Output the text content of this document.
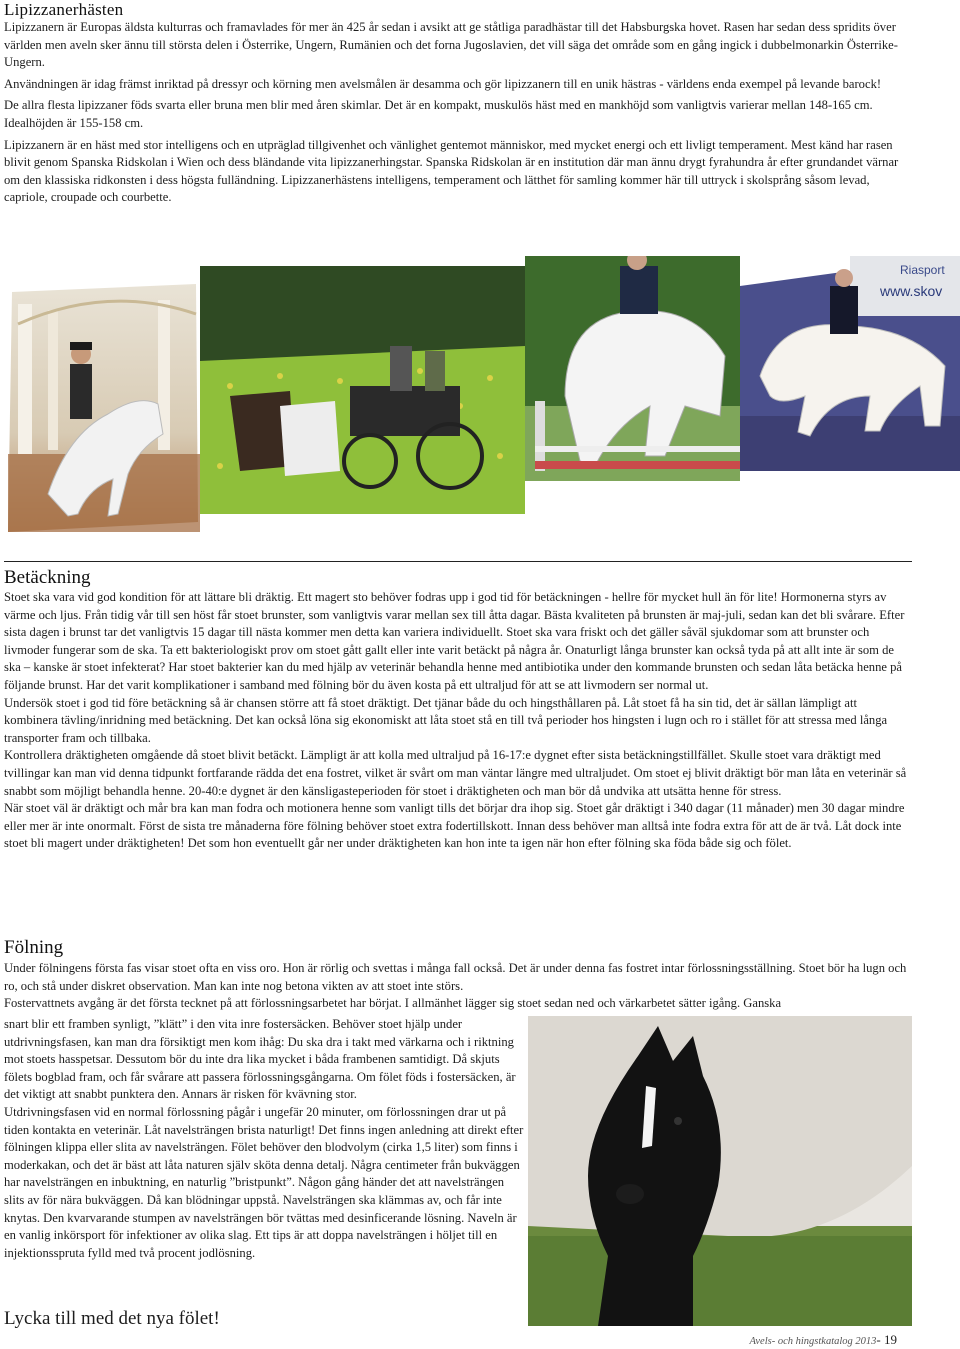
Lipizzanerhästen

Lipizzanern är Europas äldsta kulturras och framavlades för mer än 425 år sedan i avsikt att ge ståtliga paradhästar till det Habsburgska hovet. Rasen har sedan dess spridits över världen men aveln sker ännu till största delen i Österrike, Ungern, Rumänien och det forna Jugoslavien, det vill säga det område som en gång ingick i dubbelmonarkin Österrike-Ungern.

Användningen är idag främst inriktad på dressyr och körning men avelsmålen är desamma och gör lipizzanern till en unik hästras - världens enda exempel på levande barock!

De allra flesta lipizzaner föds svarta eller bruna men blir med åren skimlar. Det är en kompakt, muskulös häst med en mankhöjd som vanligtvis varierar mellan 148-165 cm. Idealhöjden är 155-158 cm.

Lipizzanern är en häst med stor intelligens och en utpräglad tillgivenhet och vänlighet gentemot människor, med mycket energi och ett livligt temperament. Mest känd har rasen blivit genom Spanska Ridskolan i Wien och dess bländande vita lipizzanerhingstar. Spanska Ridskolan är en institution där man ännu drygt fyrahundra år efter grundandet värnar om den klassiska ridkonsten i dess högsta fulländning. Lipizzanerhästens intelligens, temperament och lätthet för samling kommer här till uttryck i skolsprång såsom levad, capriole, croupade och courbette.

Riasport
www.skov
Betäckning

Stoet ska vara vid god kondition för att lättare bli dräktig. Ett magert sto behöver fodras upp i god tid för betäckningen - hellre för mycket hull än för lite! Hormonerna styrs av värme och ljus. Från tidig vår till sen höst får stoet brunster, som vanligtvis varar mellan sex till åtta dagar. Bästa kvaliteten på brunsten är maj-juli, sedan kan det bli svårare. Efter sista dagen i brunst tar det vanligtvis 15 dagar till nästa kommer men detta kan variera individuellt. Stoet ska vara friskt och det gäller såväl sjukdomar som att brunster och livmoder fungerar som de ska. Ta ett bakteriologiskt prov om stoet gått gallt eller inte varit betäckt på några år. Onaturligt långa brunster kan också tyda på att allt inte är som de ska – kanske är stoet infekterat? Har stoet bakterier kan du med hjälp av veterinär behandla henne med antibiotika under den kommande brunsten och sedan låta betäcka henne på följande brunst. Har det varit komplikationer i samband med fölning bör du även kosta på ett ultraljud för att se att livmodern ser normal ut.

Undersök stoet i god tid före betäckning så är chansen större att få stoet dräktigt. Det tjänar både du och hingsthållaren på. Låt stoet få ha sin tid, det är sällan lämpligt att kombinera tävling/inridning med betäckning. Det kan också löna sig ekonomiskt att låta stoet stå en till två perioder hos hingsten i lugn och ro i stället för att stressa med långa transporter fram och tillbaka.

Kontrollera dräktigheten omgående då stoet blivit betäckt. Lämpligt är att kolla med ultraljud på 16-17:e dygnet efter sista betäckningstillfället. Skulle stoet vara dräktigt med tvillingar kan man vid denna tidpunkt fortfarande rädda det ena fostret, vilket är svårt om man väntar längre med ultraljudet. Om stoet ej blivit dräktigt bör man låta en veterinär så snabbt som möjligt behandla henne. 20-40:e dygnet är den känsligasteperioden för stoet i dräktigheten och man bör då undvika att utsätta henne för stress.

När stoet väl är dräktigt och mår bra kan man fodra och motionera henne som vanligt tills det börjar dra ihop sig. Stoet går dräktigt i 340 dagar (11 månader) men 30 dagar mindre eller mer är inte onormalt. Först de sista tre månaderna före fölning behöver stoet extra fodertillskott. Innan dess behöver man alltså inte fodra extra för att de är två. Låt dock inte stoet bli magert under dräktigheten! Det som hon eventuellt går ner under dräktigheten kan hon inte ta igen när hon efter fölning ska föda både sig och fölet.

Fölning

Under fölningens första fas visar stoet ofta en viss oro. Hon är rörlig och svettas i många fall också. Det är under denna fas fostret intar förlossningsställning. Stoet bör ha lugn och ro, och stå under diskret observation. Man kan inte nog betona vikten av att stoet inte störs.

Fostervattnets avgång är det första tecknet på att förlossningsarbetet har börjat. I allmänhet lägger sig stoet sedan ned och värkarbetet sätter igång. Ganska

snart blir ett framben synligt, ”klätt” i den vita inre fostersäcken. Behöver stoet hjälp under utdrivningsfasen, kan man dra försiktigt men kom ihåg: Du ska dra i takt med värkarna och i riktning mot stoets hasspetsar. Dessutom bör du inte dra lika mycket i båda frambenen samtidigt. Då skjuts fölets bogblad fram, och får svårare att passera förlossningsgångarna. Om fölet föds i fostersäcken, är det viktigt att snabbt punktera den. Annars är risken för kvävning stor.

Utdrivningsfasen vid en normal förlossning pågår i ungefär 20 minuter, om förlossningen drar ut på tiden kontakta en veterinär. Låt navelsträngen brista naturligt! Det finns ingen anledning att direkt efter fölningen klippa eller slita av navelsträngen. Fölet behöver den blodvolym (cirka 1,5 liter) som finns i moderkakan, och det är bäst att låta naturen själv sköta denna detalj. Några centimeter från bukväggen har navelsträngen en inbuktning, en naturlig ”bristpunkt”. Någon gång händer det att navelsträngen slits av för nära bukväggen. Då kan blödningar uppstå. Navelsträngen ska klämmas av, och får inte knytas. Den kvarvarande stumpen av navelsträngen bör tvättas med desinficerande lösning. Naveln är en vanlig inkörsport för infektioner av olika slag. Ett tips är att doppa navelsträngen i höljet till en injektionsspruta fylld med två procent jodlösning.

Lycka till med det nya fölet!
Avels- och hingstkatalog 2013- 19
